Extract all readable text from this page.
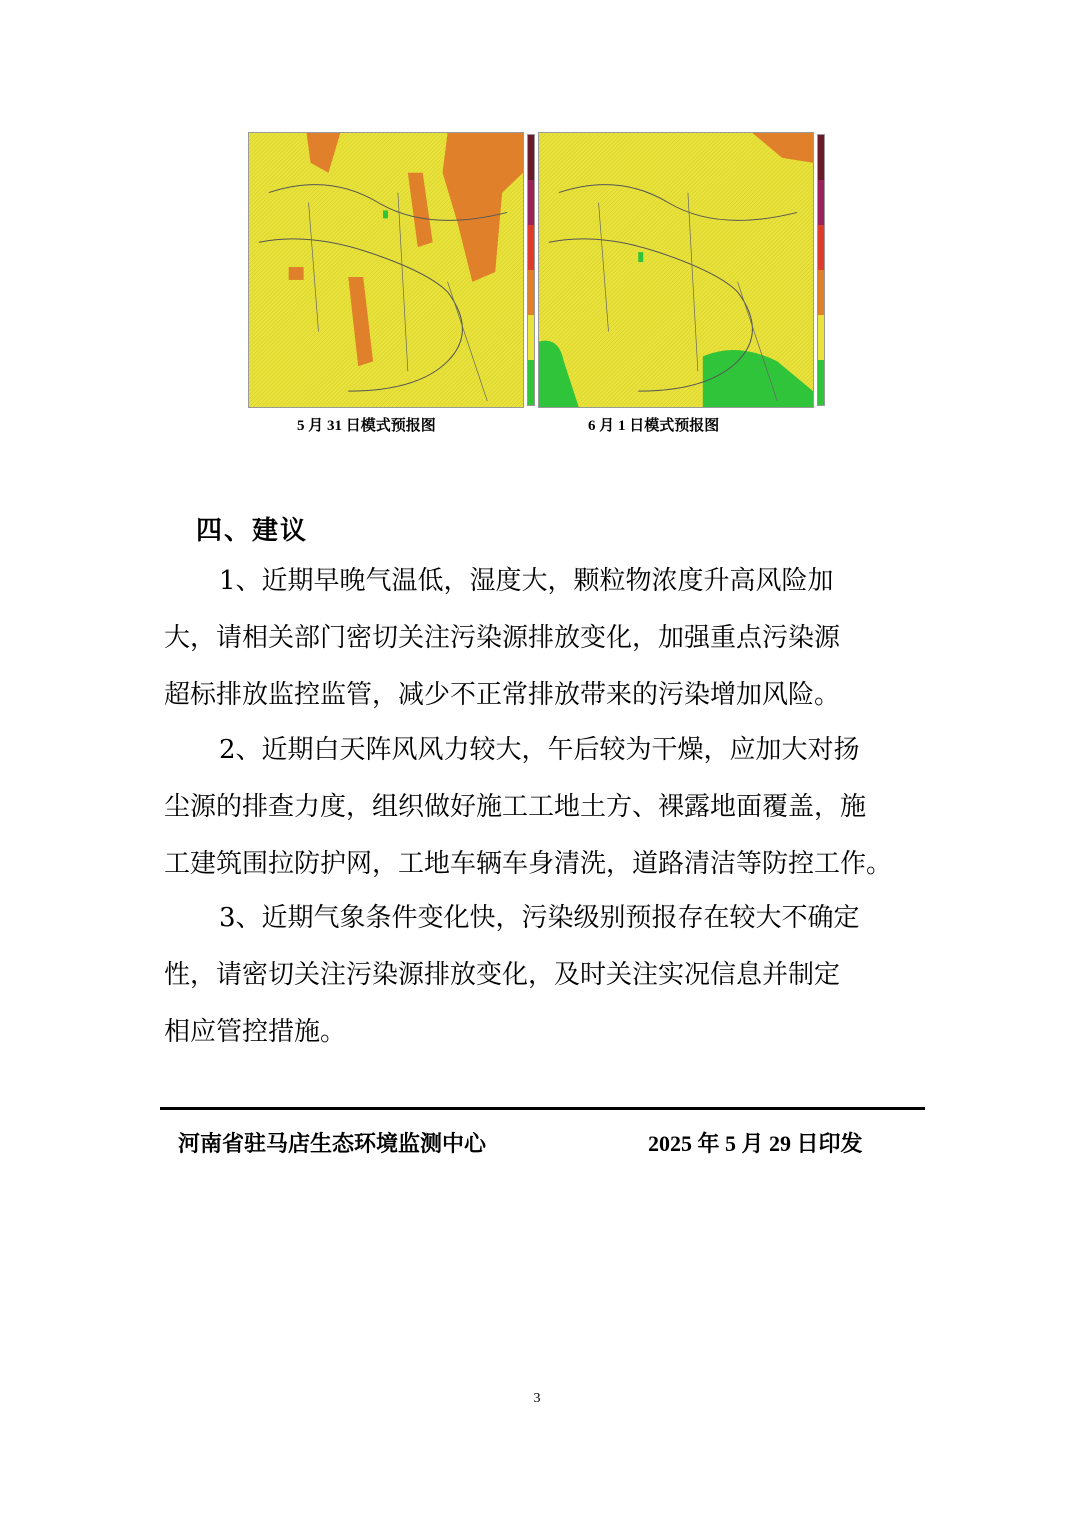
5 月 31 日模式预报图	6 月 1 日模式预报图
四、建议
1、近期早晚气温低，湿度大，颗粒物浓度升高风险加
大，请相关部门密切关注污染源排放变化，加强重点污染源
超标排放监控监管，减少不正常排放带来的污染增加风险。
2、近期白天阵风风力较大，午后较为干燥，应加大对扬
尘源的排查力度，组织做好施工工地土方、裸露地面覆盖，施
工建筑围拉防护网，工地车辆车身清洗，道路清洁等防控工作。
3、近期气象条件变化快，污染级别预报存在较大不确定
性，请密切关注污染源排放变化，及时关注实况信息并制定
相应管控措施。
河南省驻马店生态环境监测中心	2025 年 5 月 29 日印发
3
